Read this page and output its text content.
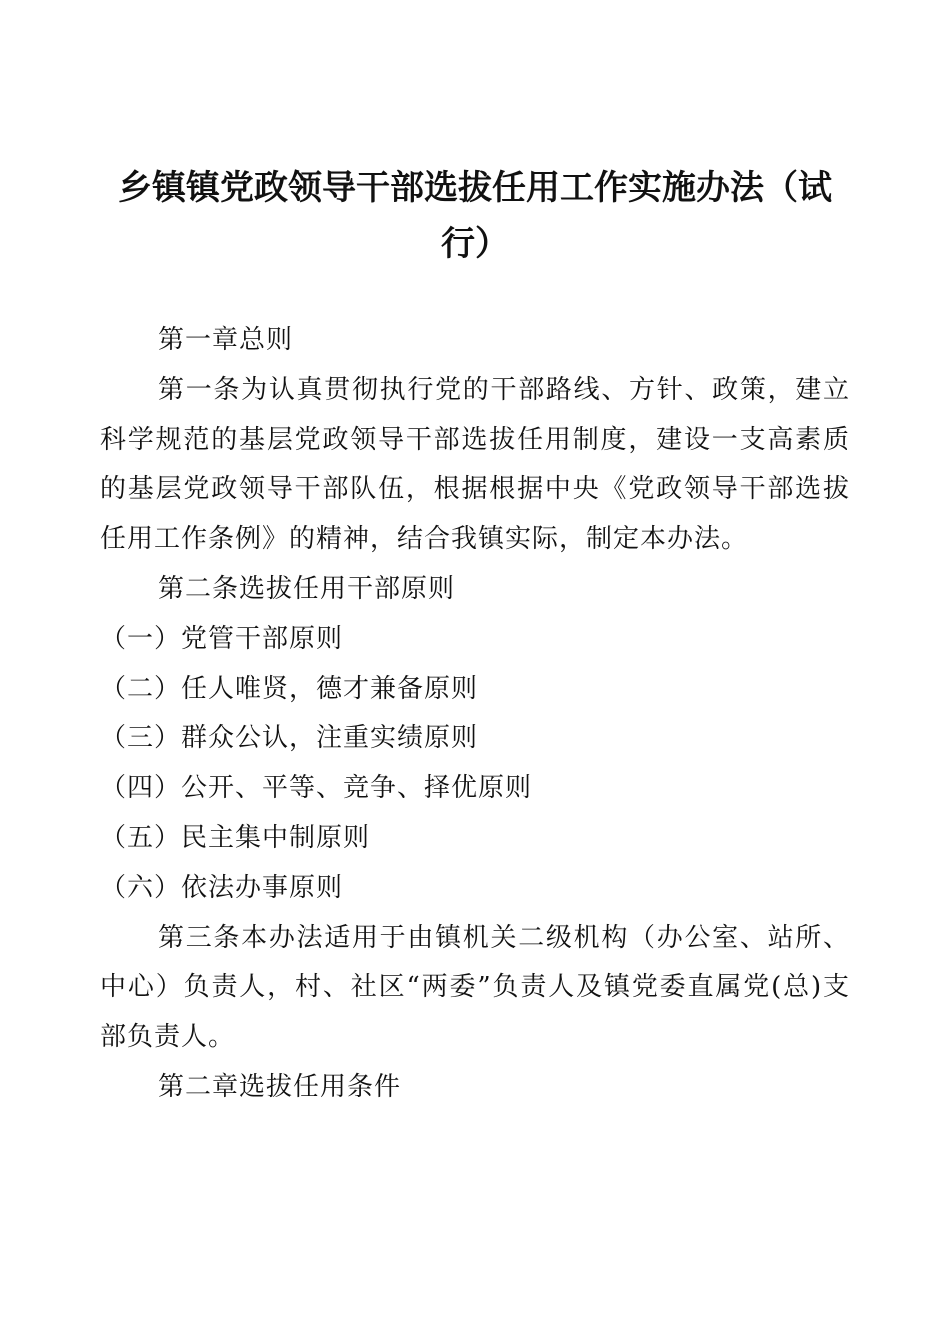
乡镇镇党政领导干部选拔任用工作实施办法（试行）

第一章总则

第一条为认真贯彻执行党的干部路线、方针、政策，建立科学规范的基层党政领导干部选拔任用制度，建设一支高素质的基层党政领导干部队伍，根据根据中央《党政领导干部选拔任用工作条例》的精神，结合我镇实际，制定本办法。

第二条选拔任用干部原则

（一）党管干部原则

（二）任人唯贤，德才兼备原则

（三）群众公认，注重实绩原则

（四）公开、平等、竞争、择优原则

（五）民主集中制原则

（六）依法办事原则

第三条本办法适用于由镇机关二级机构（办公室、站所、中心）负责人，村、社区“两委”负责人及镇党委直属党(总)支部负责人。

第二章选拔任用条件
